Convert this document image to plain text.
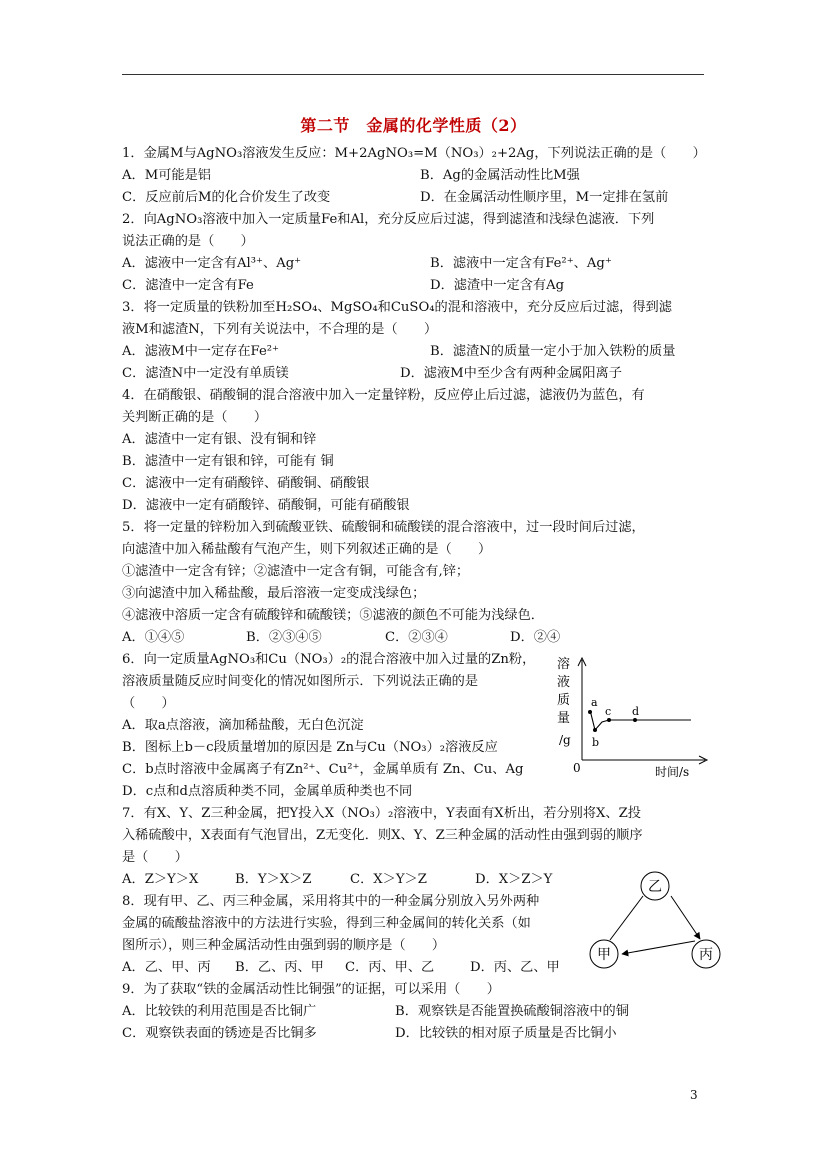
第二节　金属的化学性质（2）
1．金属M与AgNO₃溶液发生反应：M+2AgNO₃=M（NO₃）₂+2Ag，下列说法正确的是（　　）
A．M可能是铝	B．Ag的金属活动性比M强
C．反应前后M的化合价发生了改变	D．在金属活动性顺序里，M一定排在氢前
2．向AgNO₃溶液中加入一定质量Fe和Al，充分反应后过滤，得到滤渣和浅绿色滤液．下列
说法正确的是（　　）
A．滤液中一定含有Al³⁺、Ag⁺	B．滤液中一定含有Fe²⁺、Ag⁺
C．滤渣中一定含有Fe	D．滤渣中一定含有Ag
3．将一定质量的铁粉加至H₂SO₄、MgSO₄和CuSO₄的混和溶液中，充分反应后过滤，得到滤
液M和滤渣N，下列有关说法中，不合理的是（　　）
A．滤液M中一定存在Fe²⁺	B．滤渣N的质量一定小于加入铁粉的质量
C．滤渣N中一定没有单质镁	D．滤液M中至少含有两种金属阳离子
4．在硝酸银、硝酸铜的混合溶液中加入一定量锌粉，反应停止后过滤，滤液仍为蓝色，有
关判断正确的是（　　）
A．滤渣中一定有银、没有铜和锌
B．滤渣中一定有银和锌，可能有 铜
C．滤液中一定有硝酸锌、硝酸铜、硝酸银
D．滤液中一定有硝酸锌、硝酸铜，可能有硝酸银
5．将一定量的锌粉加入到硫酸亚铁、硫酸铜和硫酸镁的混合溶液中，过一段时间后过滤，
向滤渣中加入稀盐酸有气泡产生，则下列叙述正确的是（　　）
①滤渣中一定含有锌；②滤渣中一定含有铜，可能含有,锌；
③向滤渣中加入稀盐酸，最后溶液一定变成浅绿色；
④滤液中溶质一定含有硫酸锌和硫酸镁；⑤滤液的颜色不可能为浅绿色．
A．①④⑤	B．②③④⑤	C．②③④	D．②④
6．向一定质量AgNO₃和Cu（NO₃）₂的混合溶液中加入过量的Zn粉，
溶液质量随反应时间变化的情况如图所示．下列说法正确的是
（　　）
A．取a点溶液，滴加稀盐酸，无白色沉淀
B．图标上b－c段质量增加的原因是 Zn与Cu（NO₃）₂溶液反应
C．b点时溶液中金属离子有Zn²⁺、Cu²⁺，金属单质有 Zn、Cu、Ag
D．c点和d点溶质种类不同，金属单质种类也不同
7．有X、Y、Z三种金属，把Y投入X（NO₃）₂溶液中，Y表面有X析出，若分别将X、Z投
入稀硫酸中，X表面有气泡冒出，Z无变化．则X、Y、Z三种金属的活动性由强到弱的顺序
是（　　）
A．Z＞Y＞X	B．Y＞X＞Z	C．X＞Y＞Z	D．X＞Z＞Y
8．现有甲、乙、丙三种金属，采用将其中的一种金属分别放入另外两种
金属的硫酸盐溶液中的方法进行实验，得到三种金属间的转化关系（如
图所示），则三种金属活动性由强到弱的顺序是（　　）
A．乙、甲、丙 B．乙、丙、甲 C．丙、甲、乙	D．丙、乙、甲
9．为了获取“铁的金属活动性比铜强”的证据，可以采用（　　）
A．比较铁的利用范围是否比铜广	B．观察铁是否能置换硫酸铜溶液中的铜
C．观察铁表面的锈迹是否比铜多	D．比较铁的相对原子质量是否比铜小
a
b
c d
溶
液
质
量
/g
0	时间/s
乙
甲	丙
3
